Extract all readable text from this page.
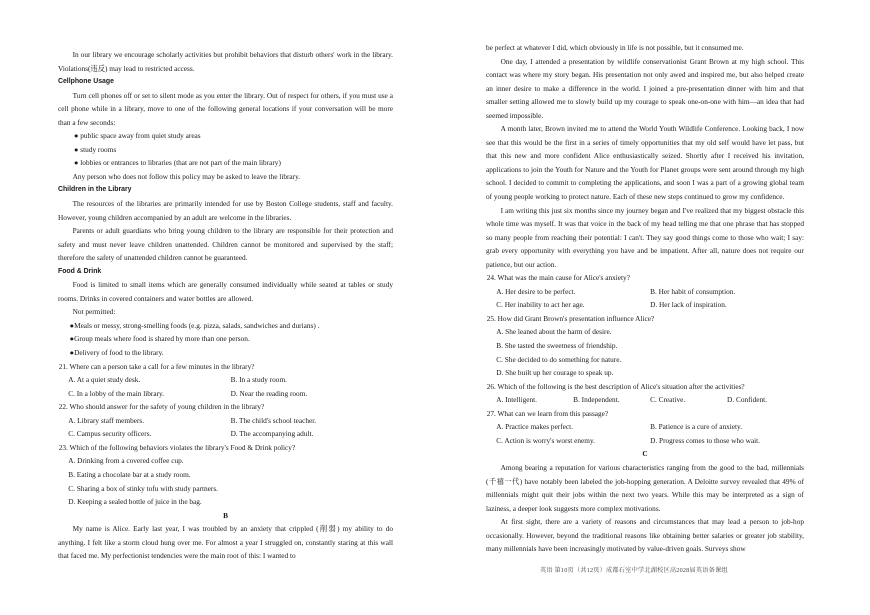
In our library we encourage scholarly activities but prohibit behaviors that disturb others' work in the library. Violations(违反) may lead to restricted access.

Cellphone Usage

Turn cell phones off or set to silent mode as you enter the library. Out of respect for others, if you must use a cell phone while in a library, move to one of the following general locations if your conversation will be more than a few seconds:

● public space away from quiet study areas

● study rooms

● lobbies or entrances to libraries (that are not part of the main library)

Any person who does not follow this policy may be asked to leave the library.

Children in the Library

The resources of the libraries are primarily intended for use by Boston College students, staff and faculty. However, young children accompanied by an adult are welcome in the libraries.

Parents or adult guardians who bring young children to the library are responsible for their protection and safety and must never leave children unattended. Children cannot be monitored and supervised by the staff; therefore the safety of unattended children cannot be guaranteed.

Food & Drink

Food is limited to small items which are generally consumed individually while seated at tables or study rooms. Drinks in covered containers and water bottles are allowed.

Not permitted:

●Meals or messy, strong-smelling foods (e.g. pizza, salads, sandwiches and durians) .

●Group meals where food is shared by more than one person.

●Delivery of food to the library.

21. Where can a person take a call for a few minutes in the library?

A. At a quiet study desk.	B. In a study room.
C. In a lobby of the main library.	D. Near the reading room.

22. Who should answer for the safety of young children in the library?

A. Library staff members.	B. The child's school teacher.
C. Campus security officers.	D. The accompanying adult.

23. Which of the following behaviors violates the library's Food & Drink policy?

A. Drinking from a covered coffee cup.

B. Eating a chocolate bar at a study room.

C. Sharing a box of stinky tofu with study partners.

D. Keeping a sealed bottle of juice in the bag.

B

My name is Alice. Early last year, I was troubled by an anxiety that crippled (削弱) my ability to do anything. I felt like a storm cloud hung over me. For almost a year I struggled on, constantly staring at this wall that faced me. My perfectionist tendencies were the main root of this: I wanted to

be perfect at whatever I did, which obviously in life is not possible, but it consumed me.

One day, I attended a presentation by wildlife conservationist Grant Brown at my high school. This contact was where my story began. His presentation not only awed and inspired me, but also helped create an inner desire to make a difference in the world. I joined a pre-presentation dinner with him and that smaller setting allowed me to slowly build up my courage to speak one-on-one with him—an idea that had seemed impossible.

A month later, Brown invited me to attend the World Youth Wildlife Conference. Looking back, I now see that this would be the first in a series of timely opportunities that my old self would have let pass, but that this new and more confident Alice enthusiastically seized. Shortly after I received his invitation, applications to join the Youth for Nature and the Youth for Planet groups were sent around through my high school. I decided to commit to completing the applications, and soon I was a part of a growing global team of young people working to protect nature. Each of these new steps continued to grow my confidence.

I am writing this just six months since my journey began and I've realized that my biggest obstacle this whole time was myself. It was that voice in the back of my head telling me that one phrase that has stopped so many people from reaching their potential: I can't. They say good things come to those who wait; I say: grab every opportunity with everything you have and be impatient. After all, nature does not require our patience, but our action.

24. What was the main cause for Alice's anxiety?

A. Her desire to be perfect.	B. Her habit of consumption.
C. Her inability to act her age.	D. Her lack of inspiration.

25. How did Grant Brown's presentation influence Alice?

A. She leaned about the harm of desire.

B. She tasted the sweetness of friendship.

C. She decided to do something for nature.

D. She built up her courage to speak up.

26. Which of the following is the best description of Alice's situation after the activities?

A. Intelligent.	B. Independent.	C. Creative.	D. Confident.

27. What can we learn from this passage?

A. Practice makes perfect.	B. Patience is a cure of anxiety.
C. Action is worry's worst enemy.	D. Progress comes to those who wait.

C

Among bearing a reputation for various characteristics ranging from the good to the bad, millennials (千禧一代) have notably been labeled the job-hopping generation. A Deloitte survey revealed that 49% of millennials might quit their jobs within the next two years. While this may be interpreted as a sign of laziness, a deeper look suggests more complex motivations.

At first sight, there are a variety of reasons and circumstances that may lead a person to job-hop occasionally. However, beyond the traditional reasons like obtaining better salaries or greater job stability, many millennials have been increasingly motivated by value-driven goals. Surveys show

英语 第10页（共12页）成都石室中学北湖校区高2028届英语备课组
